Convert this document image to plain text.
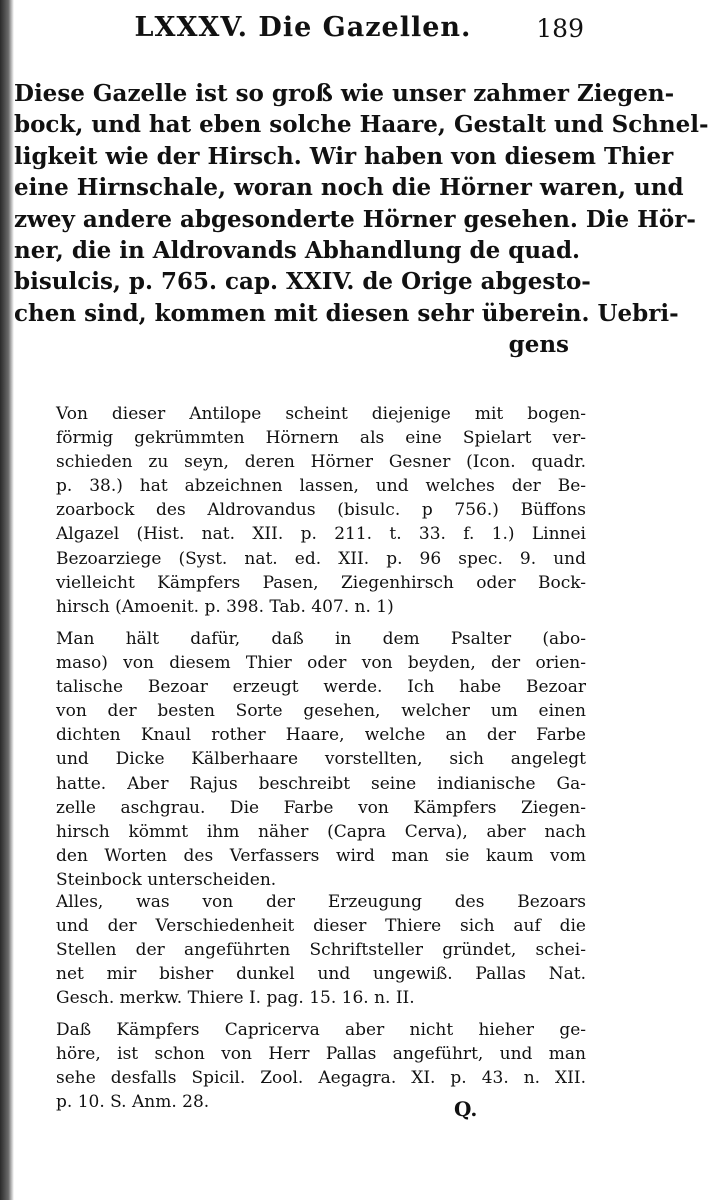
LXXXV. Die Gazellen.	189
Diese Gazelle ist so groß wie unser zahmer Ziegen-
bock, und hat eben solche Haare, Gestalt und Schnel-
ligkeit wie der Hirsch. Wir haben von diesem Thier
eine Hirnschale, woran noch die Hörner waren, und
zwey andere abgesonderte Hörner gesehen. Die Hör-
ner, die in Aldrovands Abhandlung de quad.
bisulcis, p. 765. cap. XXIV. de Orige abgesto-
chen sind, kommen mit diesen sehr überein. Uebri-
gens
Von dieser Antilope scheint diejenige mit bogen-
förmig gekrümmten Hörnern als eine Spielart ver-
schieden zu seyn, deren Hörner Gesner (Icon. quadr.
p. 38.) hat abzeichnen lassen, und welches der Be-
zoarbock des Aldrovandus (bisulc. p 756.) Büffons
Algazel (Hist. nat. XII. p. 211. t. 33. f. 1.) Linnei
Bezoarziege (Syst. nat. ed. XII. p. 96 spec. 9. und
vielleicht Kämpfers Pasen, Ziegenhirsch oder Bock-
hirsch (Amoenit. p. 398. Tab. 407. n. 1)
Man hält dafür, daß in dem Psalter (abo-
maso) von diesem Thier oder von beyden, der orien-
talische Bezoar erzeugt werde. Ich habe Bezoar
von der besten Sorte gesehen, welcher um einen
dichten Knaul rother Haare, welche an der Farbe
und Dicke Kälberhaare vorstellten, sich angelegt
hatte. Aber Rajus beschreibt seine indianische Ga-
zelle aschgrau. Die Farbe von Kämpfers Ziegen-
hirsch kömmt ihm näher (Capra Cerva), aber nach
den Worten des Verfassers wird man sie kaum vom
Steinbock unterscheiden.
Alles, was von der Erzeugung des Bezoars
und der Verschiedenheit dieser Thiere sich auf die
Stellen der angeführten Schriftsteller gründet, schei-
net mir bisher dunkel und ungewiß. Pallas Nat.
Gesch. merkw. Thiere I. pag. 15. 16. n. II.
Daß Kämpfers Capricerva aber nicht hieher ge-
höre, ist schon von Herr Pallas angeführt, und man
sehe desfalls Spicil. Zool. Aegagra. XI. p. 43. n. XII.
p. 10. S. Anm. 28.	Q.
